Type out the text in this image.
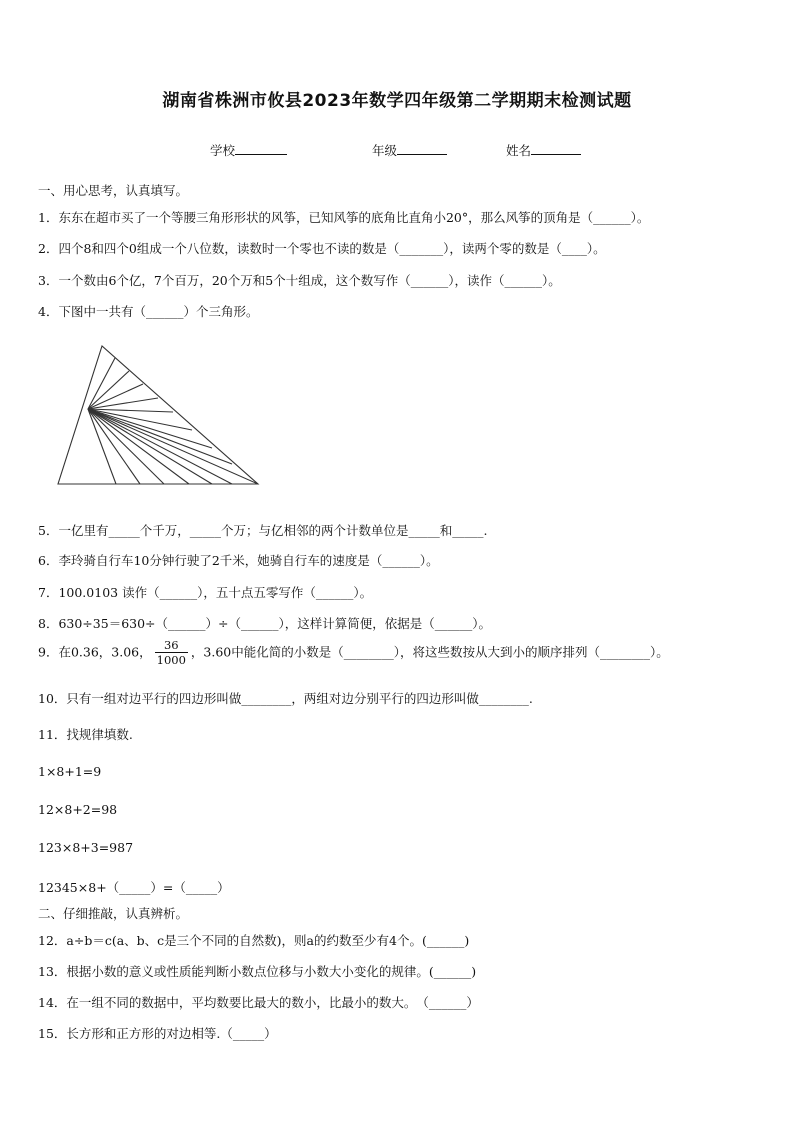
湖南省株洲市攸县2023年数学四年级第二学期期末检测试题
学校	年级	姓名
一、用心思考，认真填写。
1．东东在超市买了一个等腰三角形形状的风筝，已知风筝的底角比直角小20°，那么风筝的顶角是（______）。
2．四个8和四个0组成一个八位数，读数时一个零也不读的数是（_______），读两个零的数是（____）。
3．一个数由6个亿，7个百万，20个万和5个十组成，这个数写作（______），读作（______）。
4．下图中一共有（______）个三角形。
5．一亿里有_____个千万，_____个万；与亿相邻的两个计数单位是_____和_____.
6．李玲骑自行车10分钟行驶了2千米，她骑自行车的速度是（______）。
7．100.0103 读作（______），五十点五零写作（______）。
8．630÷35＝630÷（______）÷（______），这样计算简便，依据是（______）。
9．在0.36，3.06， $\frac{36}{1000}$ ，3.60中能化简的小数是（________），将这些数按从大到小的顺序排列（________）。
10．只有一组对边平行的四边形叫做________，两组对边分别平行的四边形叫做________.
11．找规律填数.
1×8+1=9
12×8+2=98
123×8+3=987
12345×8+（_____）=（_____）
二、仔细推敲，认真辨析。
12．a÷b＝c(a、b、c是三个不同的自然数)，则a的约数至少有4个。(______)
13．根据小数的意义或性质能判断小数点位移与小数大小变化的规律。(______)
14．在一组不同的数据中，平均数要比最大的数小，比最小的数大。　（______）
15．长方形和正方形的对边相等.（_____）
